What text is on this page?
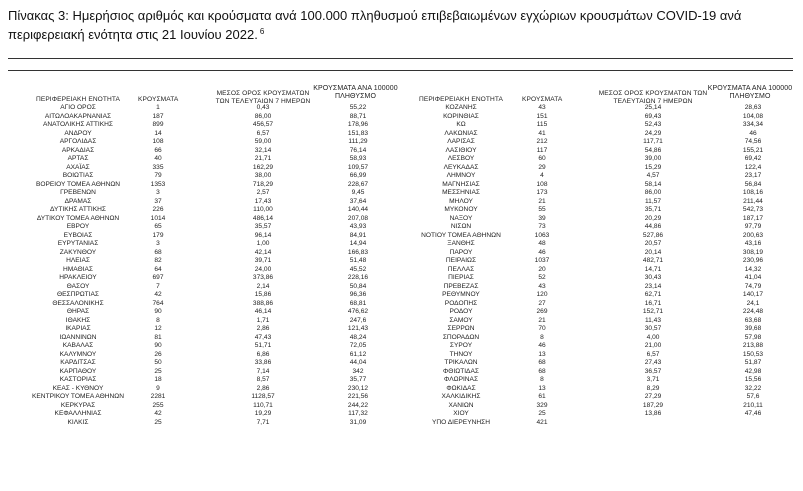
Πίνακας 3: Ημερήσιος αριθμός και κρούσματα ανά 100.000 πληθυσμού επιβεβαιωμένων εγχώριων κρουσμάτων COVID-19 ανά περιφερειακή ενότητα στις 21 Ιουνίου 2022. $^6$
ΠΕΡΙΦΕΡΕΙΑΚΗ ΕΝΟΤΗΤΑ	ΚΡΟΥΣΜΑΤΑ
ΜΕΣΟΣ ΟΡΟΣ ΚΡΟΥΣΜΑΤΩΝ ΤΩΝ ΤΕΛΕΥΤΑΙΩΝ 7 ΗΜΕΡΩΝ
ΚΡΟΥΣΜΑΤΑ ΑΝΑ 100000 ΠΛΗΘΥΣΜΟ
ΑΓΙΟ ΟΡΟΣ	1	0,43	55,22
ΑΙΤΩΛΟΑΚΑΡΝΑΝΙΑΣ	187	86,00	88,71
ΑΝΑΤΟΛΙΚΗΣ ΑΤΤΙΚΗΣ	899	456,57	178,96
ΑΝΔΡΟΥ	14	6,57	151,83
ΑΡΓΟΛΙΔΑΣ	108	59,00	111,29
ΑΡΚΑΔΙΑΣ	66	32,14	76,14
ΑΡΤΑΣ	40	21,71	58,93
ΑΧΑΪΑΣ	335	162,29	109,57
ΒΟΙΩΤΙΑΣ	79	38,00	66,99
ΒΟΡΕΙΟΥ ΤΟΜΕΑ ΑΘΗΝΩΝ	1353	718,29	228,67
ΓΡΕΒΕΝΩΝ	3	2,57	9,45
ΔΡΑΜΑΣ	37	17,43	37,64
ΔΥΤΙΚΗΣ ΑΤΤΙΚΗΣ	226	110,00	140,44
ΔΥΤΙΚΟΥ ΤΟΜΕΑ ΑΘΗΝΩΝ	1014	486,14	207,08
ΕΒΡΟΥ	65	35,57	43,93
ΕΥΒΟΙΑΣ	179	96,14	84,91
ΕΥΡΥΤΑΝΙΑΣ	3	1,00	14,94
ΖΑΚΥΝΘΟΥ	68	42,14	166,83
ΗΛΕΙΑΣ	82	39,71	51,48
ΗΜΑΘΙΑΣ	64	24,00	45,52
ΗΡΑΚΛΕΙΟΥ	697	373,86	228,16
ΘΑΣΟΥ	7	2,14	50,84
ΘΕΣΠΡΩΤΙΑΣ	42	15,86	96,36
ΘΕΣΣΑΛΟΝΙΚΗΣ	764	388,86	68,81
ΘΗΡΑΣ	90	46,14	476,62
ΙΘΑΚΗΣ	8	1,71	247,6
ΙΚΑΡΙΑΣ	12	2,86	121,43
ΙΩΑΝΝΙΝΩΝ	81	47,43	48,24
ΚΑΒΑΛΑΣ	90	51,71	72,05
ΚΑΛΥΜΝΟΥ	26	6,86	61,12
ΚΑΡΔΙΤΣΑΣ	50	33,86	44,04
ΚΑΡΠΑΘΟΥ	25	7,14	342
ΚΑΣΤΟΡΙΑΣ	18	8,57	35,77
ΚΕΑΣ - ΚΥΘΝΟΥ	9	2,86	230,12
ΚΕΝΤΡΙΚΟΥ ΤΟΜΕΑ ΑΘΗΝΩΝ	2281	1128,57	221,56
ΚΕΡΚΥΡΑΣ	255	110,71	244,22
ΚΕΦΑΛΛΗΝΙΑΣ	42	19,29	117,32
ΚΙΛΚΙΣ	25	7,71	31,09
ΠΕΡΙΦΕΡΕΙΑΚΗ ΕΝΟΤΗΤΑ	ΚΡΟΥΣΜΑΤΑ
ΜΕΣΟΣ ΟΡΟΣ ΚΡΟΥΣΜΑΤΩΝ ΤΩΝ ΤΕΛΕΥΤΑΙΩΝ 7 ΗΜΕΡΩΝ
ΚΡΟΥΣΜΑΤΑ ΑΝΑ 100000 ΠΛΗΘΥΣΜΟ
ΚΟΖΑΝΗΣ	43	25,14	28,63
ΚΟΡΙΝΘΙΑΣ	151	69,43	104,08
ΚΩ	115	52,43	334,34
ΛΑΚΩΝΙΑΣ	41	24,29	46
ΛΑΡΙΣΑΣ	212	117,71	74,56
ΛΑΣΙΘΙΟΥ	117	54,86	155,21
ΛΕΣΒΟΥ	60	39,00	69,42
ΛΕΥΚΑΔΑΣ	29	15,29	122,4
ΛΗΜΝΟΥ	4	4,57	23,17
ΜΑΓΝΗΣΙΑΣ	108	58,14	56,84
ΜΕΣΣΗΝΙΑΣ	173	86,00	108,16
ΜΗΛΟΥ	21	11,57	211,44
ΜΥΚΟΝΟΥ	55	35,71	542,73
ΝΑΞΟΥ	39	20,29	187,17
ΝΙΣΩΝ	73	44,86	97,79
ΝΟΤΙΟΥ ΤΟΜΕΑ ΑΘΗΝΩΝ	1063	527,86	200,63
ΞΑΝΘΗΣ	48	20,57	43,16
ΠΑΡΟΥ	46	20,14	308,19
ΠΕΙΡΑΙΩΣ	1037	482,71	230,96
ΠΕΛΛΑΣ	20	14,71	14,32
ΠΙΕΡΙΑΣ	52	30,43	41,04
ΠΡΕΒΕΖΑΣ	43	23,14	74,79
ΡΕΘΥΜΝΟΥ	120	62,71	140,17
ΡΟΔΟΠΗΣ	27	16,71	24,1
ΡΟΔΟΥ	269	152,71	224,48
ΣΑΜΟΥ	21	11,43	63,68
ΣΕΡΡΩΝ	70	30,57	39,68
ΣΠΟΡΑΔΩΝ	8	4,00	57,98
ΣΥΡΟΥ	46	21,00	213,88
ΤΗΝΟΥ	13	6,57	150,53
ΤΡΙΚΑΛΩΝ	68	27,43	51,87
ΦΘΙΩΤΙΔΑΣ	68	36,57	42,98
ΦΛΩΡΙΝΑΣ	8	3,71	15,56
ΦΩΚΙΔΑΣ	13	8,29	32,22
ΧΑΛΚΙΔΙΚΗΣ	61	27,29	57,6
ΧΑΝΙΩΝ	329	187,29	210,11
ΧΙΟΥ	25	13,86	47,46
ΥΠΟ ΔΙΕΡΕΥΝΗΣΗ	421
